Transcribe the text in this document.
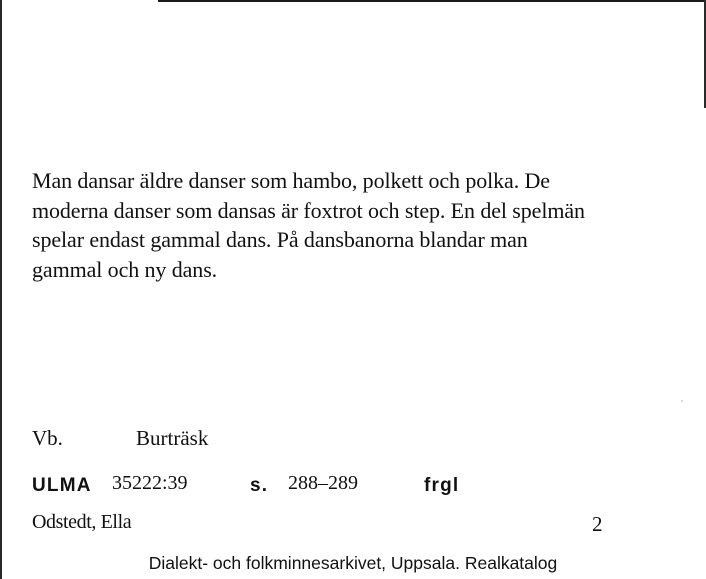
Man dansar äldre danser som hambo, polkett och polka. De

moderna danser som dansas är foxtrot och step. En del spelmän

spelar endast gammal dans. På dansbanorna blandar man

gammal och ny dans.

Vb.	Burträsk
ULMA 35222:39	s. 288–289	frgl
Odstedt, Ella	2
Dialekt- och folkminnesarkivet, Uppsala. Realkatalog
